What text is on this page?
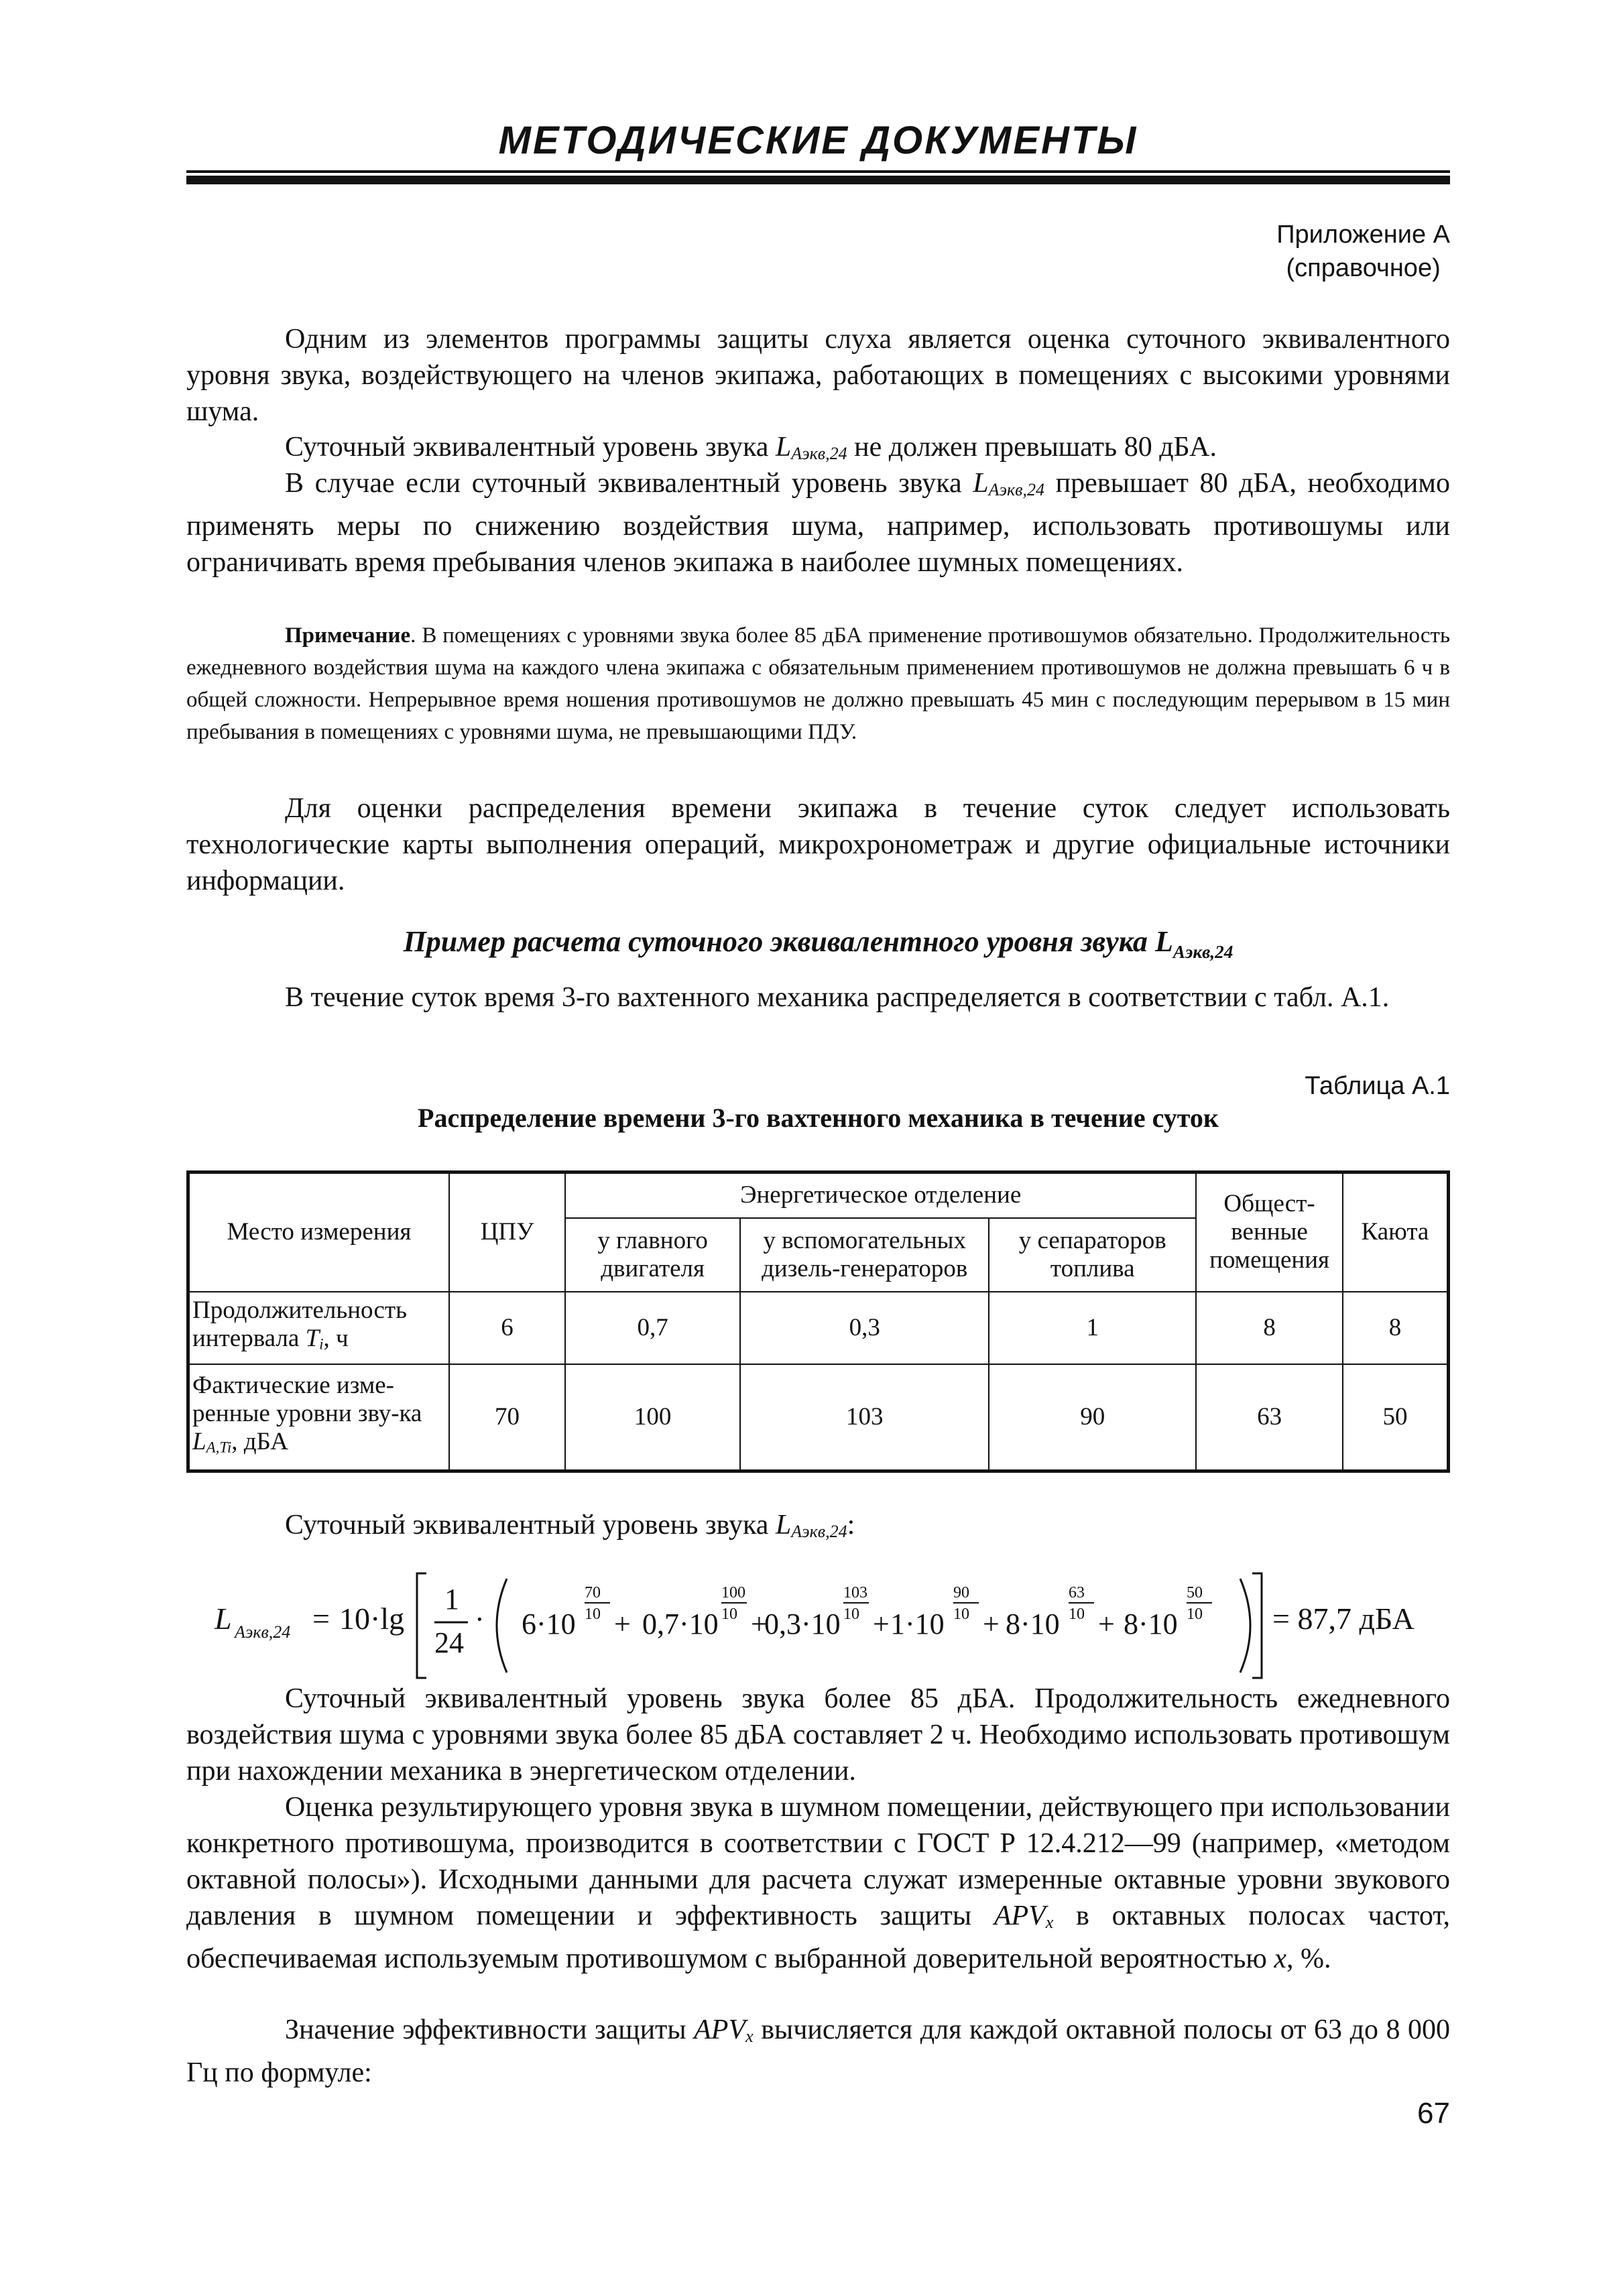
МЕТОДИЧЕСКИЕ ДОКУМЕНТЫ
Приложение А
(справочное)

Одним из элементов программы защиты слуха является оценка суточного эквивалентного уровня звука, воздействующего на членов экипажа, работающих в помещениях с высокими уровнями шума.

Суточный эквивалентный уровень звука $L_{Aэкв,24}$ не должен превышать 80 дБА.

В случае если суточный эквивалентный уровень звука $L_{Aэкв,24}$ превышает 80 дБА, необходимо применять меры по снижению воздействия шума, например, использовать противошумы или ограничивать время пребывания членов экипажа в наиболее шумных помещениях.

Примечание. В помещениях с уровнями звука более 85 дБА применение противошумов обязательно. Продолжительность ежедневного воздействия шума на каждого члена экипажа с обязательным применением противошумов не должна превышать 6 ч в общей сложности. Непрерывное время ношения противошумов не должно превышать 45 мин с последующим перерывом в 15 мин пребывания в помещениях с уровнями шума, не превышающими ПДУ.

Для оценки распределения времени экипажа в течение суток следует использовать технологические карты выполнения операций, микрохронометраж и другие официальные источники информации.

Пример расчета суточного эквивалентного уровня звука $L_{Aэкв,24}$

В течение суток время 3-го вахтенного механика распределяется в соответствии с табл. А.1.

Таблица А.1
Распределение времени 3-го вахтенного механика в течение суток
Место измерения	ЦПУ	Энергетическое отделение			Общест-венные помещения	Каюта
		у главного двигателя	у вспомогательных дизель-генераторов	у сепараторов топлива		
Продолжительность интервала $T_i$, ч	6	0,7	0,3	1	8	8
Фактические изме-ренные уровни зву-ка $L_{A,Ti}$, дБА	70	100	103	90	63	50

Суточный эквивалентный уровень звука $L_{Aэкв,24}$:

L Aэкв,24 = 10·lg
1
24
· 6·10
70
10 + 0,7·10
100
10 +
0,3·10
103
10 + 1·10
90
10 + 8·10
63
10 + 8·10
50
10 = 87,7 дБА

Суточный эквивалентный уровень звука более 85 дБА. Продолжительность ежедневного воздействия шума с уровнями звука более 85 дБА составляет 2 ч. Необходимо использовать противошум при нахождении механика в энергетическом отделении.

Оценка результирующего уровня звука в шумном помещении, действующего при использовании конкретного противошума, производится в соответствии с ГОСТ Р 12.4.212—99 (например, «методом октавной полосы»). Исходными данными для расчета служат измеренные октавные уровни звукового давления в шумном помещении и эффективность защиты $APV_x$ в октавных полосах частот, обеспечиваемая используемым противошумом с выбранной доверительной вероятностью x, %.

Значение эффективности защиты $APV_x$ вычисляется для каждой октавной полосы от 63 до 8 000 Гц по формуле:

67
